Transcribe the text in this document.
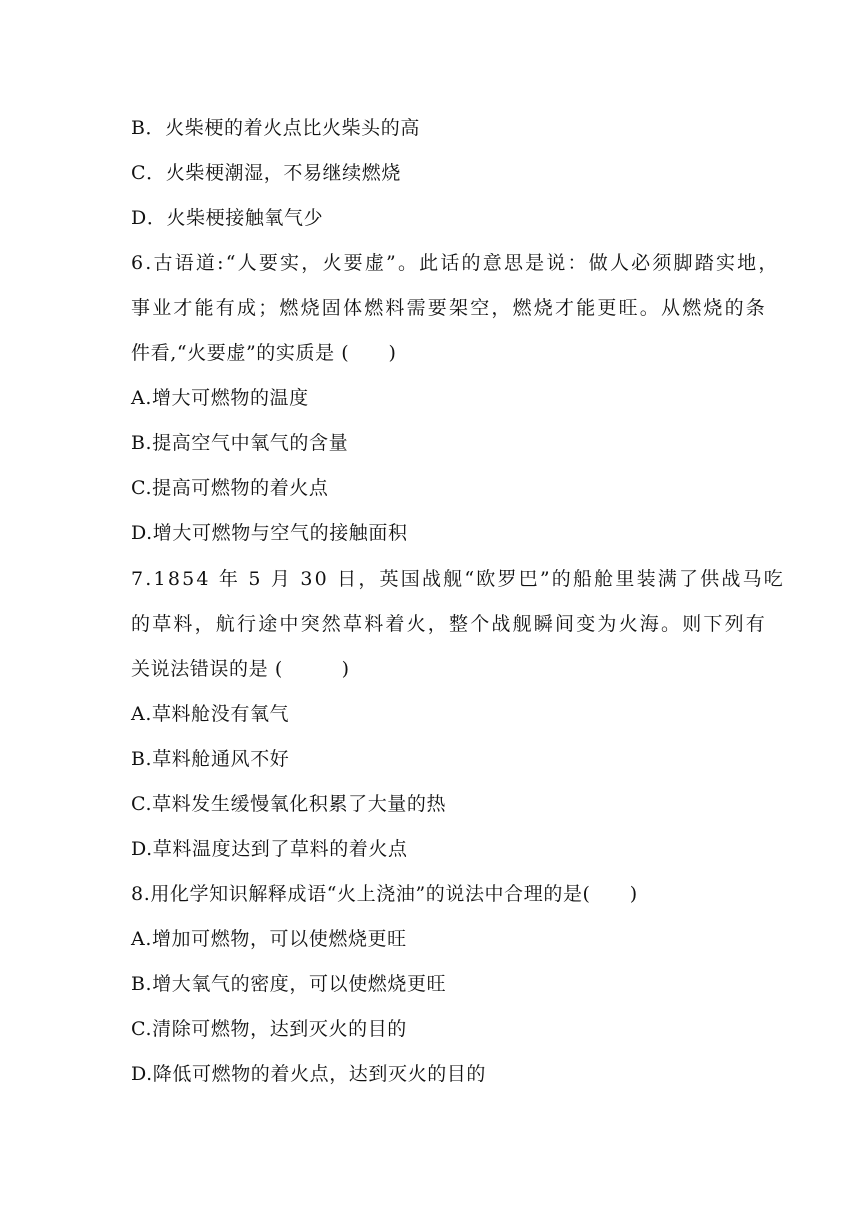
B．火柴梗的着火点比火柴头的高
C．火柴梗潮湿，不易继续燃烧
D．火柴梗接触氧气少
6.古语道:“人要实，火要虚”。此话的意思是说：做人必须脚踏实地，
事业才能有成；燃烧固体燃料需要架空，燃烧才能更旺。从燃烧的条
件看,“火要虚”的实质是 (　　)
A.增大可燃物的温度
B.提高空气中氧气的含量
C.提高可燃物的着火点
D.增大可燃物与空气的接触面积
7.1854 年 5 月 30 日，英国战舰“欧罗巴”的船舱里装满了供战马吃
的草料，航行途中突然草料着火，整个战舰瞬间变为火海。则下列有
关说法错误的是 (　　　)
A.草料舱没有氧气
B.草料舱通风不好
C.草料发生缓慢氧化积累了大量的热
D.草料温度达到了草料的着火点
8.用化学知识解释成语“火上浇油”的说法中合理的是(　　)
A.增加可燃物，可以使燃烧更旺
B.增大氧气的密度，可以使燃烧更旺
C.清除可燃物，达到灭火的目的
D.降低可燃物的着火点，达到灭火的目的
